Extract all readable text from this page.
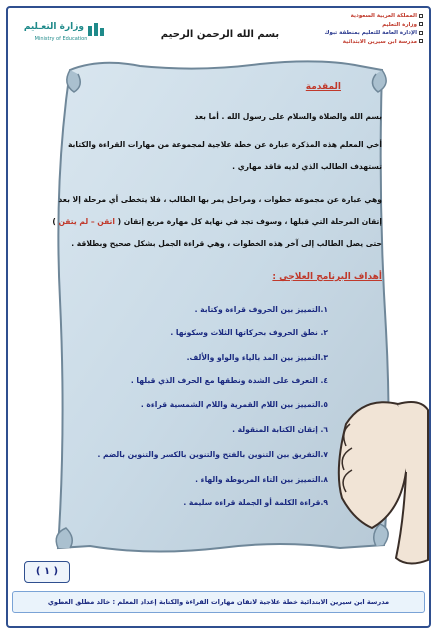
وزارة التعـليم
Ministry of Education	بسم الله الرحمن الرحيم
المملكة العربية السعودية
وزارة التعليم
الإدارة العامة للتعليم بمنطقة تبوك
مدرسة ابن سيرين الابتدائية
المقدمة
بسم الله والصلاة والسلام على رسول الله . أما بعد
أخي المعلم هذه المذكرة عبارة عن خطة علاجية لمجموعة من مهارات القراءة والكتابة
تستهدف الطالب الذي لديه فاقد مهاري .
وهي عبارة عن مجموعة خطوات ، ومراحل يمر بها الطالب ، فلا يتخطى أي مرحلة إلا بعد
إتقان المرحلة التي قبلها ، وسوف تجد في نهاية كل مهارة مربع إتقان ( اتقن – لم يتقن )
حتى يصل الطالب إلى آخر هذه الخطوات ، وهي قراءة الجمل بشكل صحيح وبطلاقة .
أهداف البرنامج العلاجي :
١.التمييز بين الحروف قراءة وكتابة .
٢. نطق الحروف بحركاتها الثلاث وسكونها .
٣.التمييز بين المد بالياء والواو والألف.
٤. التعرف على الشدة ونطقها مع الحرف الذي قبلها .
٥.التمييز بين اللام القمرية واللام الشمسية قراءة .
٦. إتقان الكتابة المنقولة .
٧.التفريق بين التنوين بالفتح والتنوين بالكسر والتنوين بالضم .
٨.التمييز بين التاء المربوطة والهاء .
٩.قراءة الكلمة أو الجملة قراءة سليمة .
( ١ )
مدرسة ابن سيرين الابتدائية خطة علاجية لاتقان مهارات القراءة والكتابة إعداد المعلم : خالد مطلق العطوي
